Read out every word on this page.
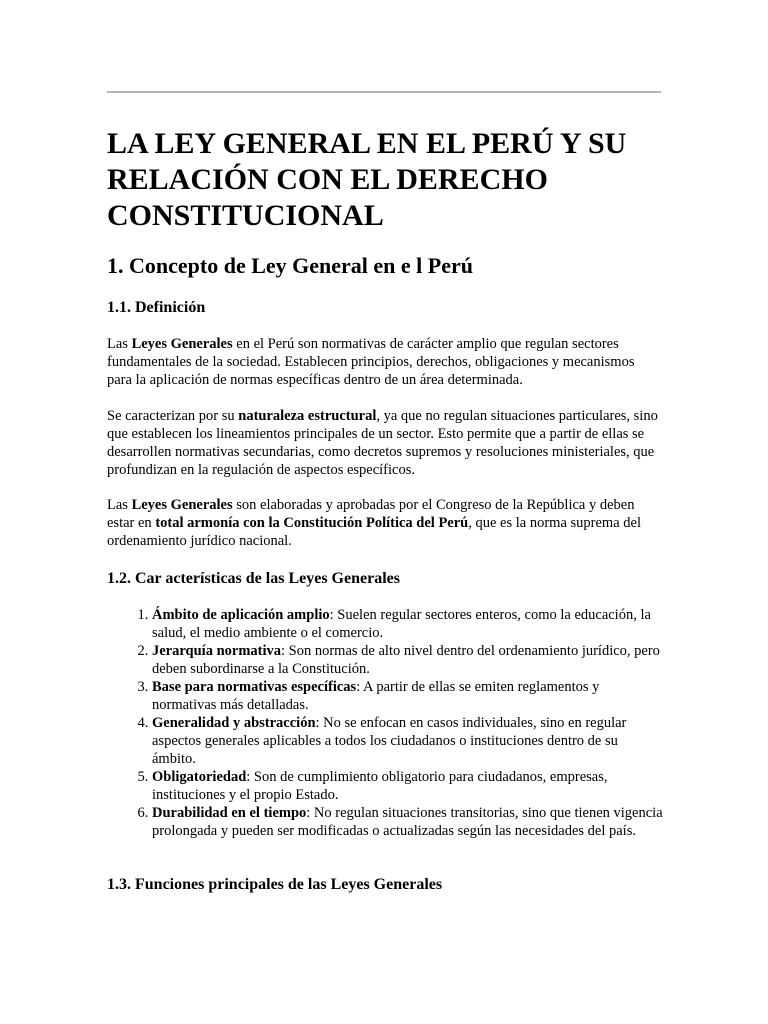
LA LEY GENERAL EN EL PERÚ Y SU RELACIÓN CON EL DERECHO CONSTITUCIONAL
1. Concepto de Ley General en e l Perú
1.1. Definición

Las Leyes Generales en el Perú son normativas de carácter amplio que regulan sectores fundamentales de la sociedad. Establecen principios, derechos, obligaciones y mecanismos para la aplicación de normas específicas dentro de un área determinada.

Se caracterizan por su naturaleza estructural, ya que no regulan situaciones particulares, sino que establecen los lineamientos principales de un sector. Esto permite que a partir de ellas se desarrollen normativas secundarias, como decretos supremos y resoluciones ministeriales, que profundizan en la regulación de aspectos específicos.

Las Leyes Generales son elaboradas y aprobadas por el Congreso de la República y deben estar en total armonía con la Constitución Política del Perú, que es la norma suprema del ordenamiento jurídico nacional.

1.2. Car acterísticas de las Leyes Generales
1. Ámbito de aplicación amplio: Suelen regular sectores enteros, como la educación, la salud, el medio ambiente o el comercio.
2. Jerarquía normativa: Son normas de alto nivel dentro del ordenamiento jurídico, pero deben subordinarse a la Constitución.
3. Base para normativas específicas: A partir de ellas se emiten reglamentos y normativas más detalladas.
4. Generalidad y abstracción: No se enfocan en casos individuales, sino en regular aspectos generales aplicables a todos los ciudadanos o instituciones dentro de su ámbito.
5. Obligatoriedad: Son de cumplimiento obligatorio para ciudadanos, empresas, instituciones y el propio Estado.
6. Durabilidad en el tiempo: No regulan situaciones transitorias, sino que tienen vigencia prolongada y pueden ser modificadas o actualizadas según las necesidades del país.
1.3. Funciones principales de las Leyes Generales
